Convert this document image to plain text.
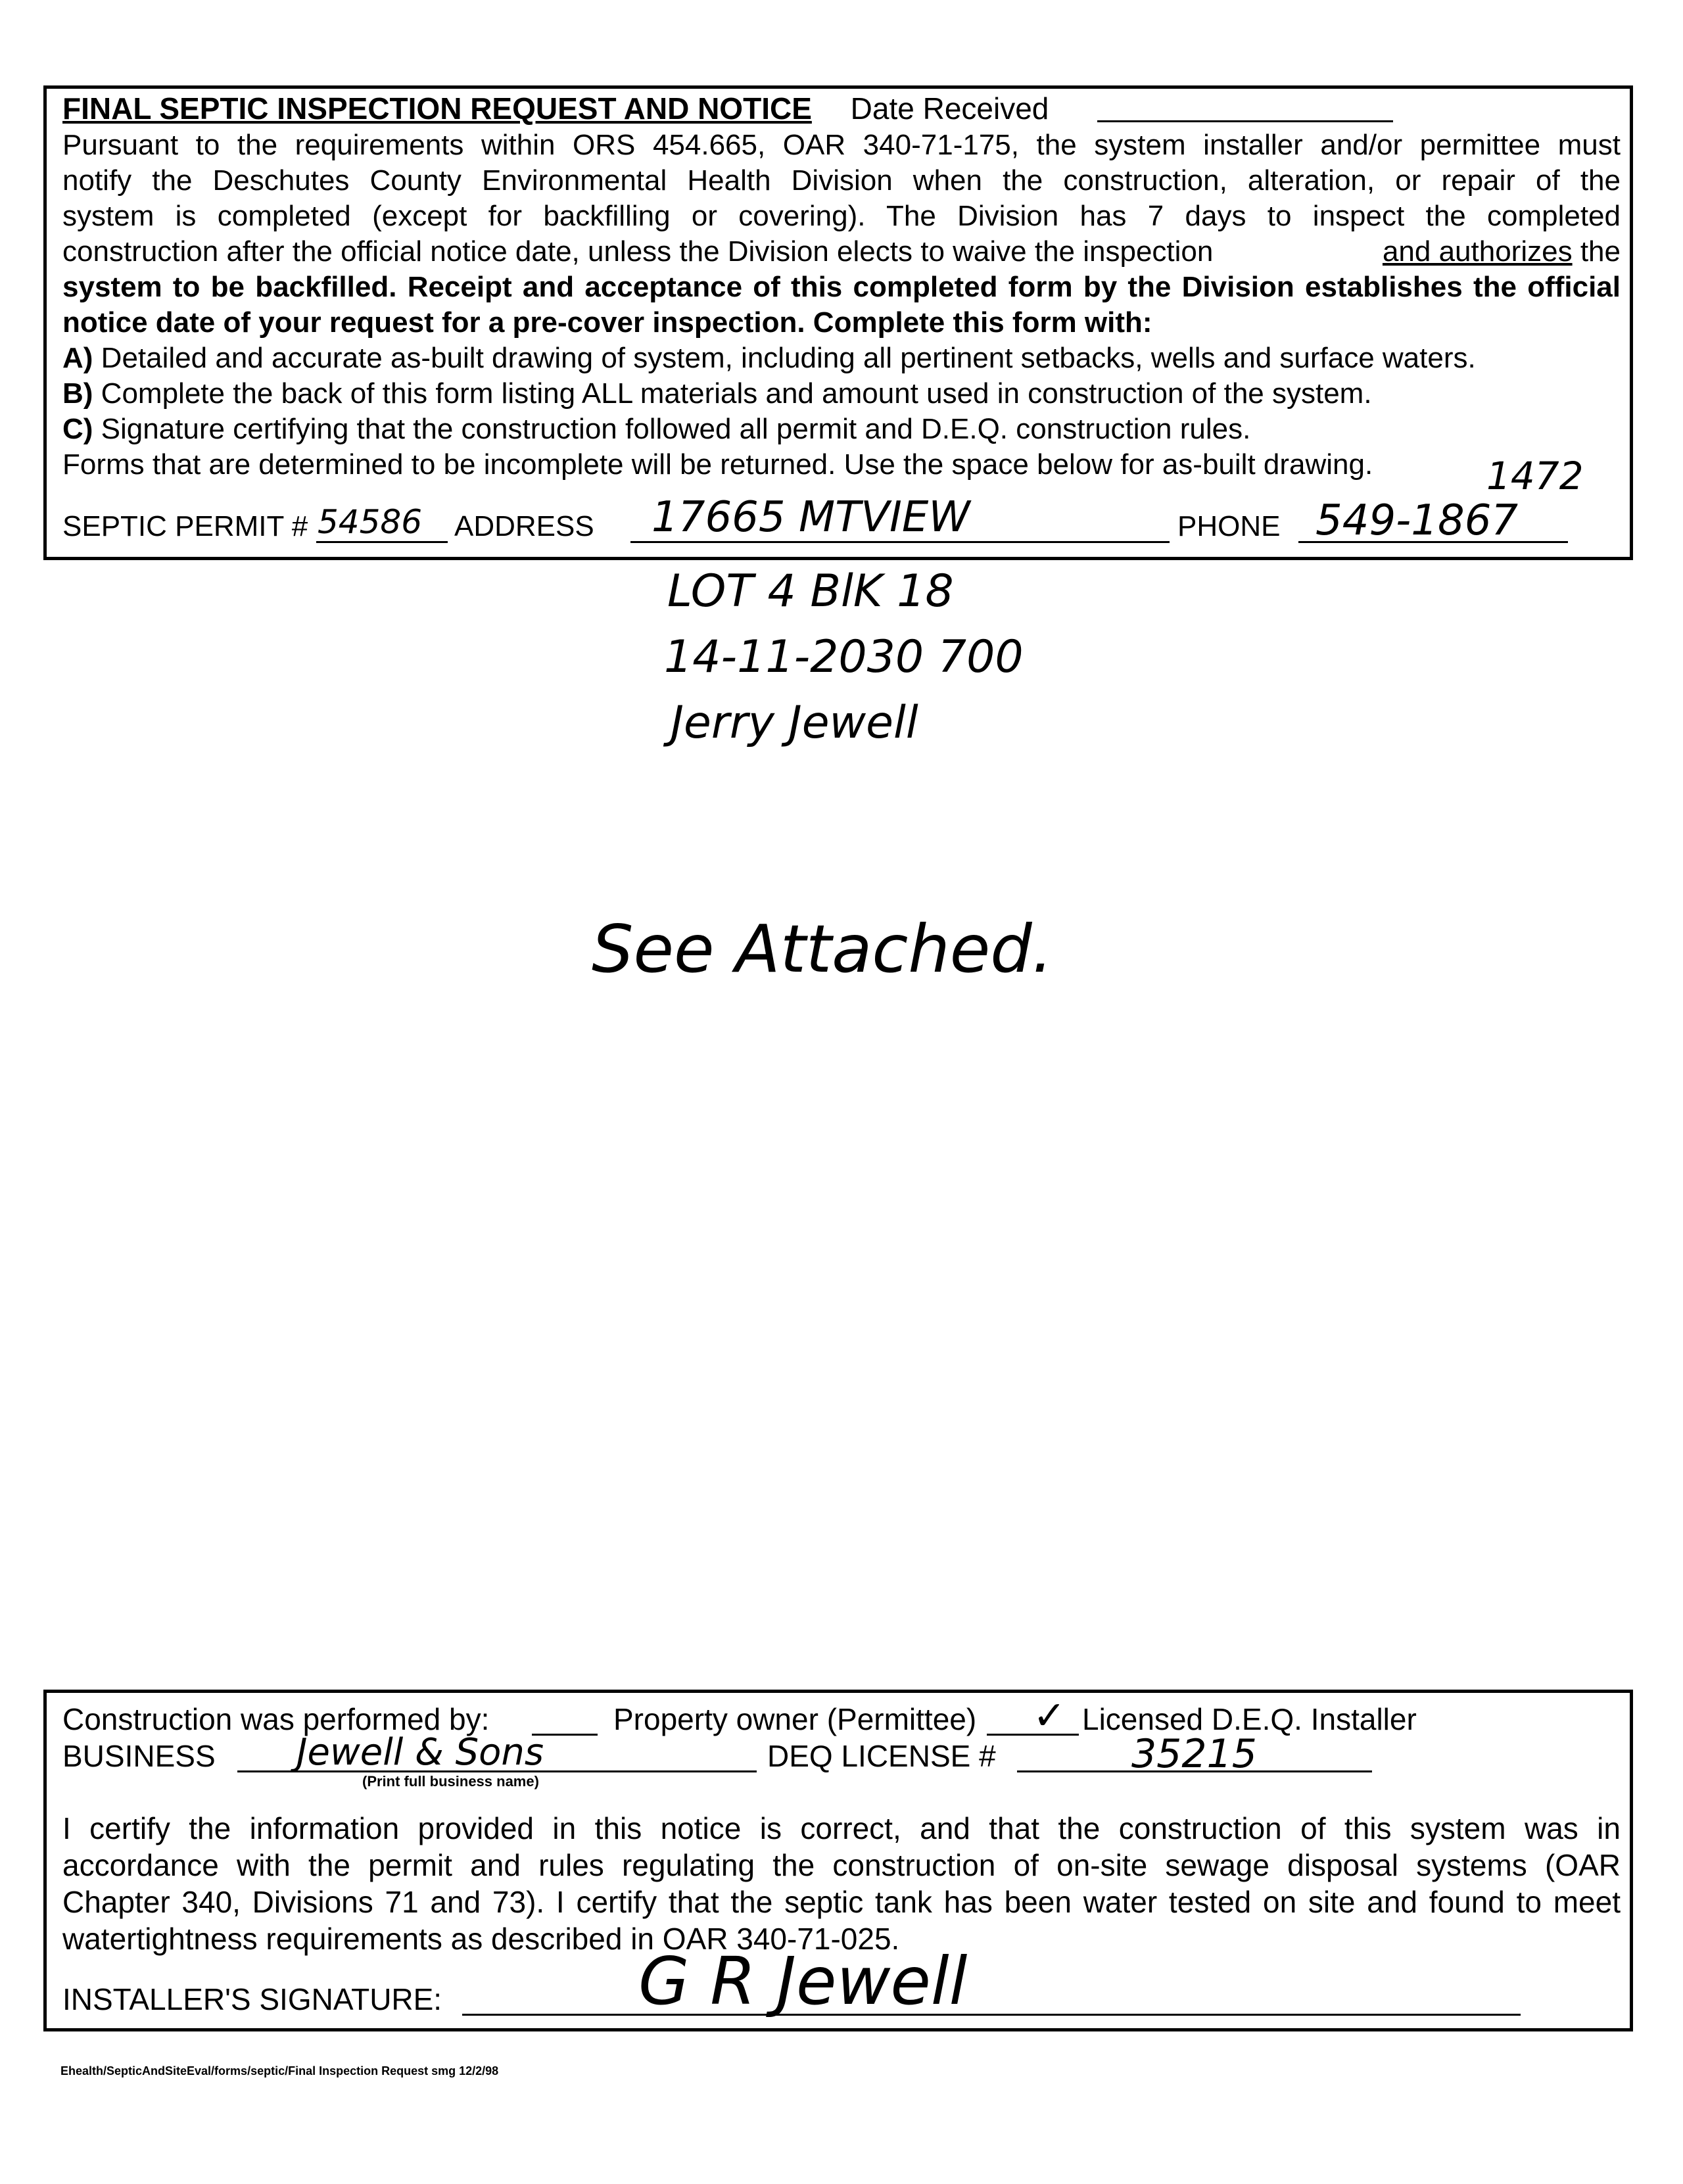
FINAL SEPTIC INSPECTION REQUEST AND NOTICE Date Received
Pursuant to the requirements within ORS 454.665, OAR 340-71-175, the system installer and/or permittee must
notify the Deschutes County Environmental Health Division when the construction, alteration, or repair of the
system is completed (except for backfilling or covering). The Division has 7 days to inspect the completed
construction after the official notice date, unless the Division elects to waive the inspection	and authorizes the
system to be backfilled. Receipt and acceptance of this completed form by the Division establishes the official
notice date of your request for a pre-cover inspection. Complete this form with:
A) Detailed and accurate as-built drawing of system, including all pertinent setbacks, wells and surface waters.
B) Complete the back of this form listing ALL materials and amount used in construction of the system.
C) Signature certifying that the construction followed all permit and D.E.Q. construction rules.
Forms that are determined to be incomplete will be returned. Use the space below for as-built drawing.
SEPTIC PERMIT # 54586 ADDRESS 17665 MTVIEW	PHONE 549-1867
1472
LOT 4 BlK 18
14-11-2030 700
Jerry Jewell
See Attached.
Construction was performed by:	Property owner (Permittee) ✓ Licensed D.E.Q. Installer
BUSINESS Jewell & Sons
(Print full business name)
DEQ LICENSE #	35215
I certify the information provided in this notice is correct, and that the construction of this system was in
accordance with the permit and rules regulating the construction of on-site sewage disposal systems (OAR
Chapter 340, Divisions 71 and 73). I certify that the septic tank has been water tested on site and found to meet
watertightness requirements as described in OAR 340-71-025.
INSTALLER'S SIGNATURE:	G R Jewell
Ehealth/SepticAndSiteEval/forms/septic/Final Inspection Request smg 12/2/98
